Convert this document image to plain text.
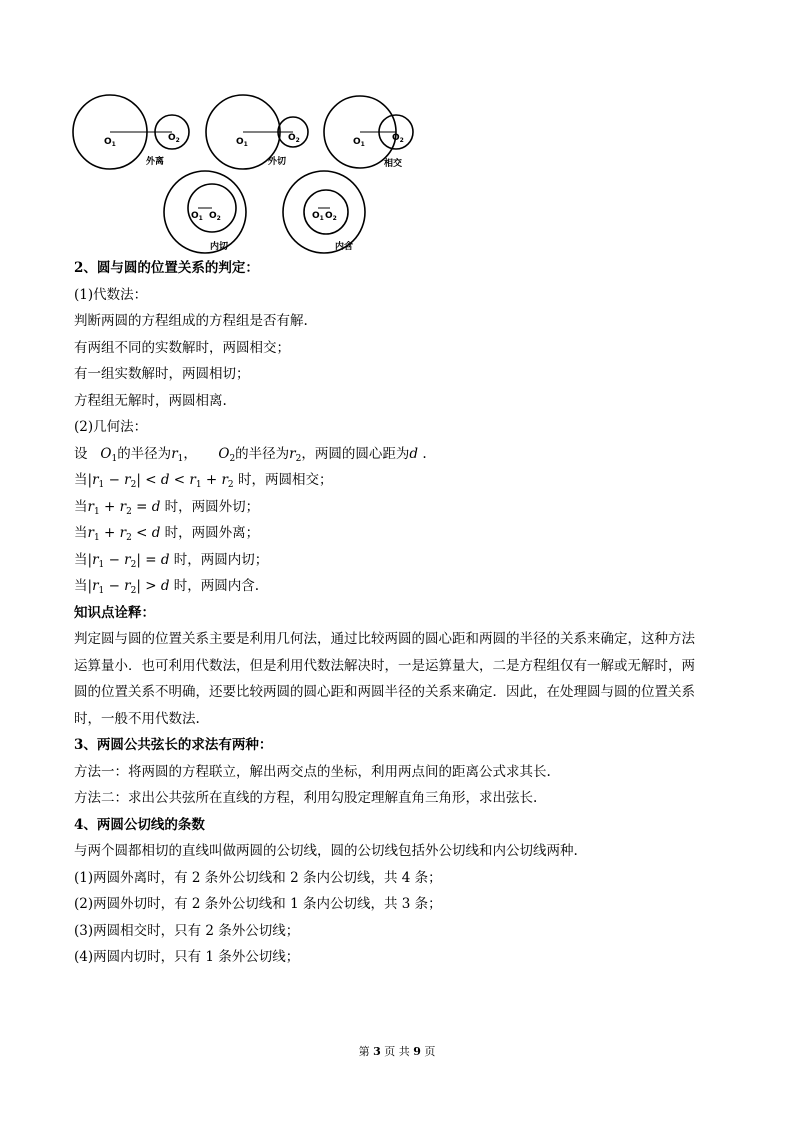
$O_1$
$O_2$
外离
$O_1$
$O_2$
外切
$O_1$
$O_2$
相交
$O_1$ $O_2$
内切
$O_1$ $O_2$
内含
2、圆与圆的位置关系的判定：
(1)代数法：
判断两圆的方程组成的方程组是否有解.
有两组不同的实数解时，两圆相交；
有一组实数解时，两圆相切；
方程组无解时，两圆相离.
(2)几何法：
设 $O_1$的半径为$r_1$，     $O_2$的半径为$r_2$，两圆的圆心距为d .
当$|r_1 - r_2| < d < r_1 + r_2$ 时，两圆相交；
当$r_1 + r_2 = d$ 时，两圆外切；
当$r_1 + r_2 < d$ 时，两圆外离；
当$|r_1 - r_2| = d$ 时，两圆内切；
当$|r_1 - r_2| > d$ 时，两圆内含.
知识点诠释：
判定圆与圆的位置关系主要是利用几何法，通过比较两圆的圆心距和两圆的半径的关系来确定，这种方法
运算量小．也可利用代数法，但是利用代数法解决时，一是运算量大，二是方程组仅有一解或无解时，两
圆的位置关系不明确，还要比较两圆的圆心距和两圆半径的关系来确定．因此，在处理圆与圆的位置关系
时，一般不用代数法.
3、两圆公共弦长的求法有两种：
方法一：将两圆的方程联立，解出两交点的坐标，利用两点间的距离公式求其长.
方法二：求出公共弦所在直线的方程，利用勾股定理解直角三角形，求出弦长.
4、两圆公切线的条数
与两个圆都相切的直线叫做两圆的公切线，圆的公切线包括外公切线和内公切线两种.
(1)两圆外离时，有 2 条外公切线和 2 条内公切线，共 4 条；
(2)两圆外切时，有 2 条外公切线和 1 条内公切线，共 3 条；
(3)两圆相交时，只有 2 条外公切线；
(4)两圆内切时，只有 1 条外公切线；
第 3 页 共 9 页
